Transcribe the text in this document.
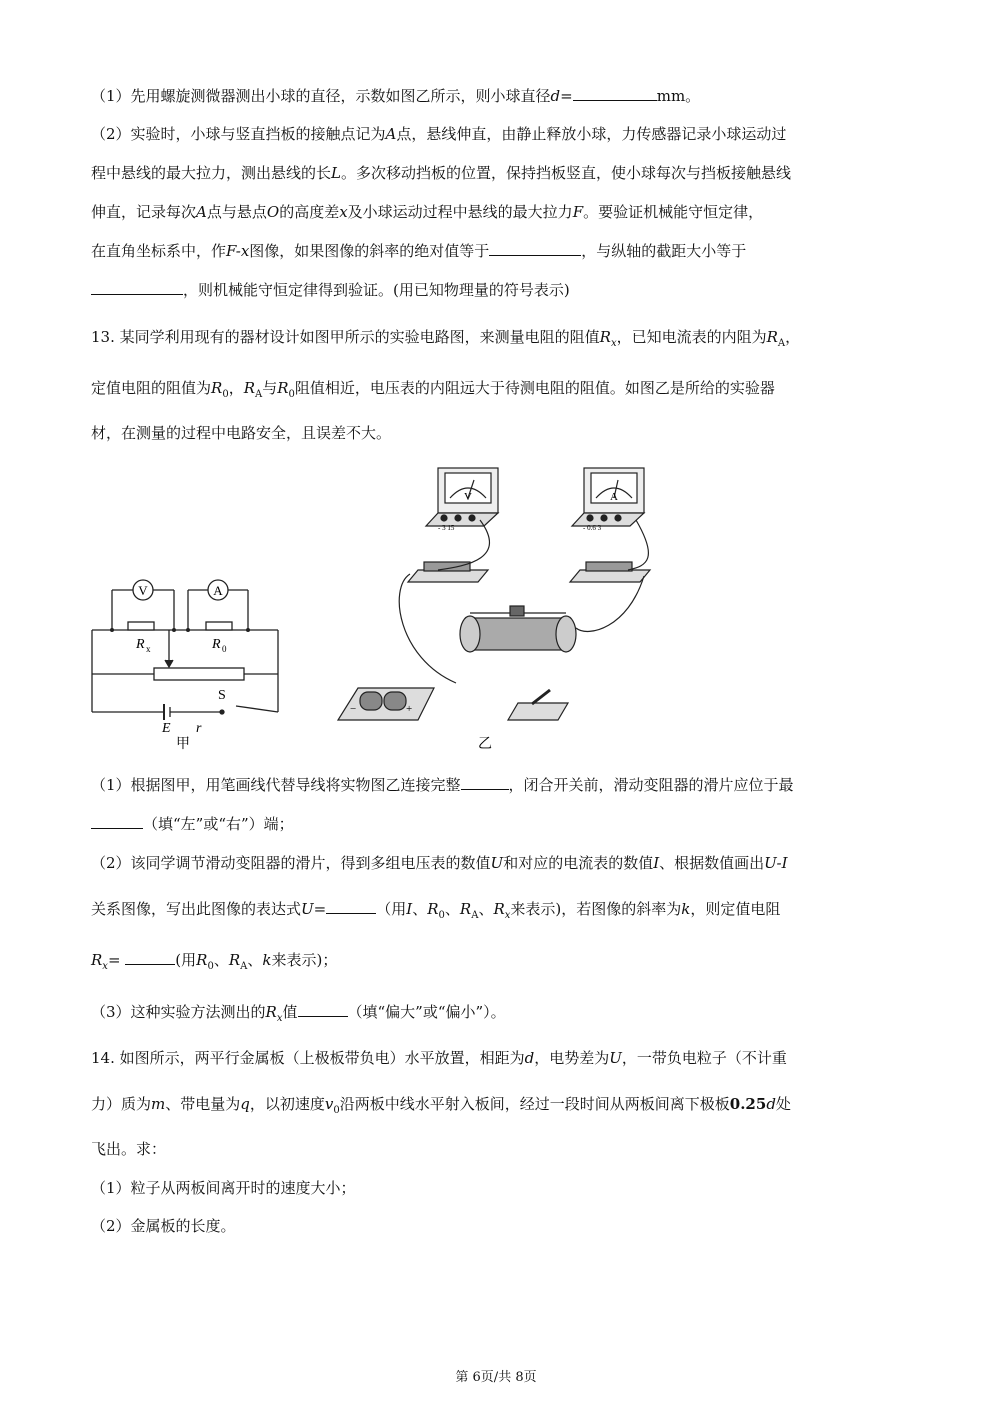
（1）先用螺旋测微器测出小球的直径，示数如图乙所示，则小球直径d=	mm。
（2）实验时，小球与竖直挡板的接触点记为A点，悬线伸直，由静止释放小球，力传感器记录小球运动过
程中悬线的最大拉力，测出悬线的长L。多次移动挡板的位置，保持挡板竖直，使小球每次与挡板接触悬线
伸直，记录每次A点与悬点O的高度差x及小球运动过程中悬线的最大拉力F。要验证机械能守恒定律，
在直角坐标系中，作F-x图像，如果图像的斜率的绝对值等于	，与纵轴的截距大小等于
，则机械能守恒定律得到验证。(用已知物理量的符号表示)
13. 某同学利用现有的器材设计如图甲所示的实验电路图，来测量电阻的阻值$R_x$，已知电流表的内阻为$R_A$，
定值电阻的阻值为$R_0$，$R_A$与$R_0$阻值相近，电压表的内阻远大于待测电阻的阻值。如图乙是所给的实验器
材，在测量的过程中电路安全，且误差不大。
V	A
R x	R 0
S
E r
甲
V	A
- 3 15	- 0.6 3
−	+
乙
（1）根据图甲，用笔画线代替导线将实物图乙连接完整	，闭合开关前，滑动变阻器的滑片应位于最
（填“左”或“右”）端；
（2）该同学调节滑动变阻器的滑片，得到多组电压表的数值U和对应的电流表的数值I、根据数值画出U-I
关系图像，写出此图像的表达式U=	（用I、$R_0$、$R_A$、$R_x$来表示)，若图像的斜率为k，则定值电阻
$R_x=$	(用$R_0$、$R_A$、k来表示)；
（3）这种实验方法测出的$R_x$值	（填“偏大”或“偏小”）。
14. 如图所示，两平行金属板（上极板带负电）水平放置，相距为d，电势差为U，一带负电粒子（不计重
力）质为m、带电量为q，以初速度$v_0$沿两板中线水平射入板间，经过一段时间从两板间离下极板0.25d处
飞出。求：
（1）粒子从两板间离开时的速度大小；
（2）金属板的长度。
第 6页/共 8页
